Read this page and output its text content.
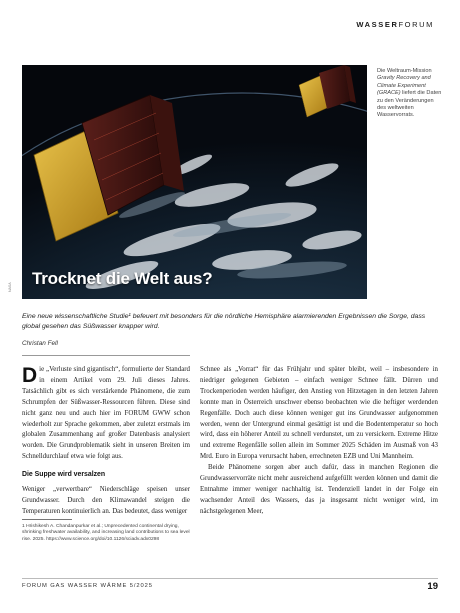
WASSERFORUM
Trocknet die Welt aus?
NASA
Die Weltraum-Mission Gravity Recovery and Climate Experiment (GRACE) liefert die Daten zu den Veränderungen des weltweiten Wasservorrats.
Eine neue wissenschaftliche Studie¹ befeuert mit besonders für die nördliche Hemisphäre alarmierenden Ergebnissen die Sorge, dass global gesehen das Süßwasser knapper wird.
Christan Fell
D ie „Verluste sind gigantisch“, formulierte der Standard in einem Artikel vom 29. Juli dieses Jahres. Tatsächlich gibt es sich verstärkende Phänomene, die zum Schrumpfen der Süßwasser-Ressourcen führen. Diese sind nicht ganz neu und auch hier im FORUM GWW schon wiederholt zur Sprache gekommen, aber zuletzt erstmals im globalen Zusammenhang auf großer Datenbasis analysiert worden. Die Grundproblematik sieht in unseren Breiten im Schnelldurchlauf etwa wie folgt aus.

Die Suppe wird versalzen

Weniger „verwertbare“ Niederschläge speisen unser Grundwasser. Durch den Klimawandel steigen die Temperaturen kontinuierlich an. Das bedeutet, dass weniger

Schnee als „Vorrat“ für das Frühjahr und später bleibt, weil – insbesondere in niedriger gelegenen Gebieten – einfach weniger Schnee fällt. Dürren und Trockenperioden werden häufiger, den Anstieg von Hitzetagen in den letzten Jahren konnte man in Österreich unschwer ebenso beobachten wie die heftiger werdenden Regenfälle. Doch auch diese können weniger gut ins Grundwasser aufgenommen werden, wenn der Untergrund einmal gesättigt ist und die Bodentemperatur so hoch wird, dass ein höherer Anteil zu schnell verdunstet, um zu versickern. Extreme Hitze und extreme Regenfälle sollen allein im Sommer 2025 Schäden im Ausmaß von 43 Mrd. Euro in Europa verursacht haben, errechneten EZB und Uni Mannheim.

Beide Phänomene sorgen aber auch dafür, dass in manchen Regionen die Grundwasservorräte nicht mehr ausreichend aufgefüllt werden können und damit die Entnahme immer weniger nachhaltig ist. Tendenziell landet in der Folge ein wachsender Anteil des Wassers, das ja insgesamt nicht weniger wird, im nächstgelegenen Meer,

1 Hrishikesh A. Chandanpurkar et al.; Unprecedented continental drying, shrinking freshwater availability, and increasing land contributions to sea level rise. 2025. https://www.science.org/doi/10.1126/sciadv.adx0298
FORUM GAS WASSER WÄRME 5/2025	19
